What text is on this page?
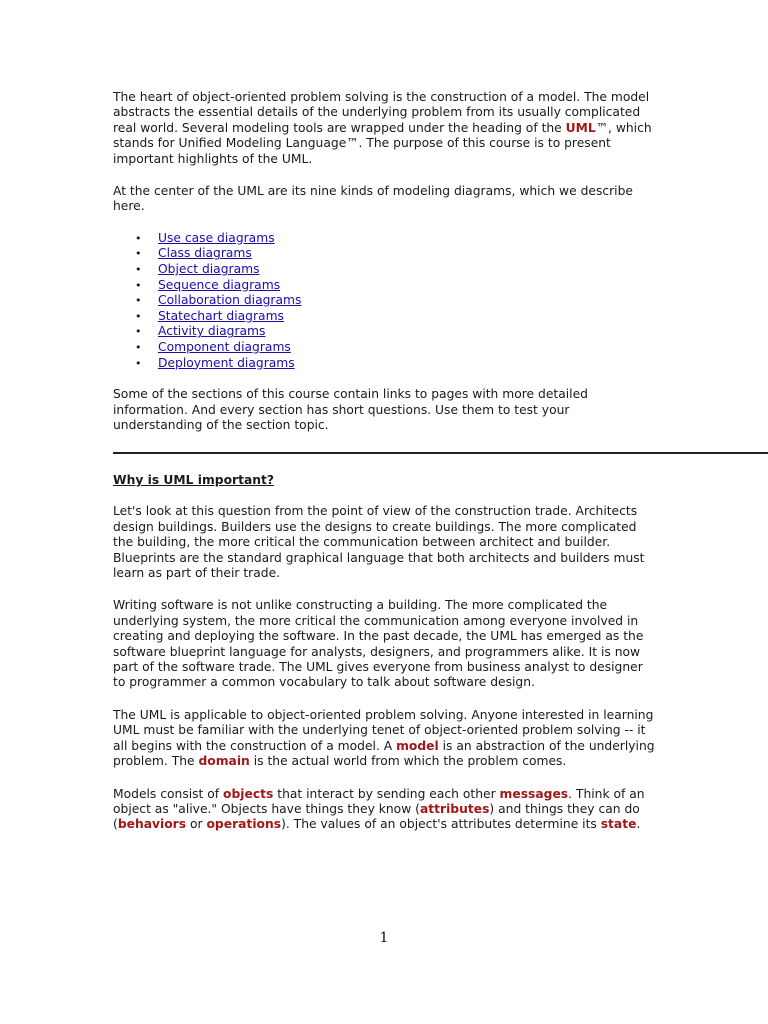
The heart of object-oriented problem solving is the construction of a model. The model abstracts the essential details of the underlying problem from its usually complicated real world. Several modeling tools are wrapped under the heading of the UML™, which stands for Unified Modeling Language™. The purpose of this course is to present important highlights of the UML.

At the center of the UML are its nine kinds of modeling diagrams, which we describe here.

• Use case diagrams
• Class diagrams
• Object diagrams
• Sequence diagrams
• Collaboration diagrams
• Statechart diagrams
• Activity diagrams
• Component diagrams
• Deployment diagrams

Some of the sections of this course contain links to pages with more detailed information. And every section has short questions. Use them to test your understanding of the section topic.

Why is UML important?

Let's look at this question from the point of view of the construction trade. Architects design buildings. Builders use the designs to create buildings. The more complicated the building, the more critical the communication between architect and builder. Blueprints are the standard graphical language that both architects and builders must learn as part of their trade.

Writing software is not unlike constructing a building. The more complicated the underlying system, the more critical the communication among everyone involved in creating and deploying the software. In the past decade, the UML has emerged as the software blueprint language for analysts, designers, and programmers alike. It is now part of the software trade. The UML gives everyone from business analyst to designer to programmer a common vocabulary to talk about software design.

The UML is applicable to object-oriented problem solving. Anyone interested in learning UML must be familiar with the underlying tenet of object-oriented problem solving -- it all begins with the construction of a model. A model is an abstraction of the underlying problem. The domain is the actual world from which the problem comes.

Models consist of objects that interact by sending each other messages. Think of an object as "alive." Objects have things they know (attributes) and things they can do (behaviors or operations). The values of an object's attributes determine its state.

1
